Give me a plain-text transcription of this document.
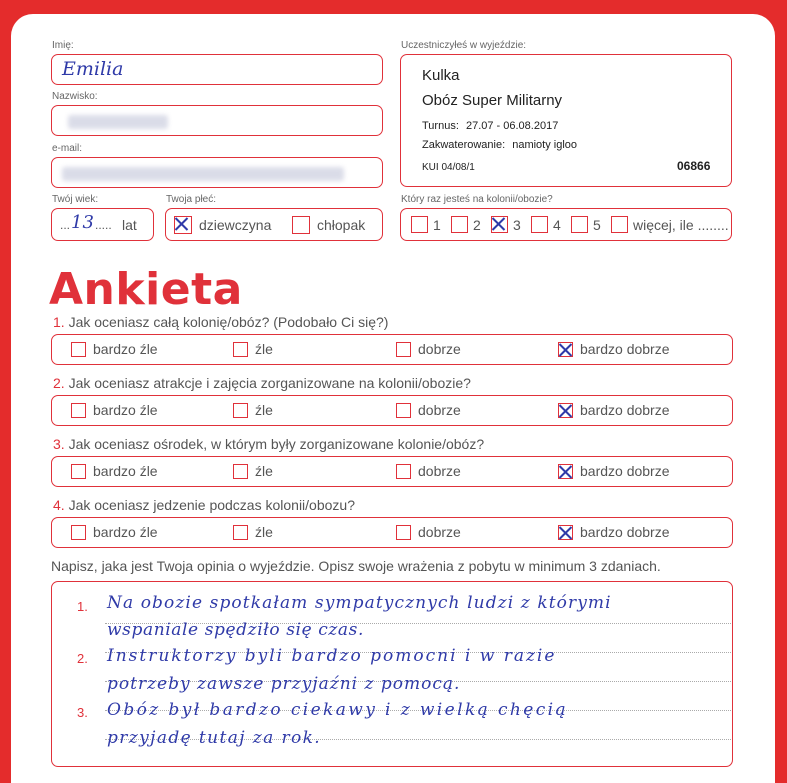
Imię:
Emilia
Nazwisko:
e-mail:
Twój wiek:
... 13 ..... lat
Twoja płeć:
dziewczyna	chłopak
Uczestniczyłeś w wyjeździe:
Kulka
Obóz Super Militarny
Turnus: 27.07 - 06.08.2017
Zakwaterowanie: namioty igloo
KUI 04/08/1	06866
Który raz jesteś na kolonii/obozie?
1 2 3 4 5 więcej, ile ........
Ankieta
1. Jak oceniasz całą kolonię/obóz? (Podobało Ci się?)
bardzo źle	źle	dobrze	bardzo dobrze
2. Jak oceniasz atrakcje i zajęcia zorganizowane na kolonii/obozie?
bardzo źle	źle	dobrze	bardzo dobrze
3. Jak oceniasz ośrodek, w którym były zorganizowane kolonie/obóz?
bardzo źle	źle	dobrze	bardzo dobrze
4. Jak oceniasz jedzenie podczas kolonii/obozu?
bardzo źle	źle	dobrze	bardzo dobrze
Napisz, jaka jest Twoja opinia o wyjeździe. Opisz swoje wrażenia z pobytu w minimum 3 zdaniach.
1.
2.
3.
Na obozie spotkałam sympatycznych ludzi z którymi
wspaniale spędziło się czas.
Instruktorzy byli bardzo pomocni i w razie
potrzeby zawsze przyjaźni z pomocą.
Obóz był bardzo ciekawy i z wielką chęcią
przyjadę tutaj za rok.
